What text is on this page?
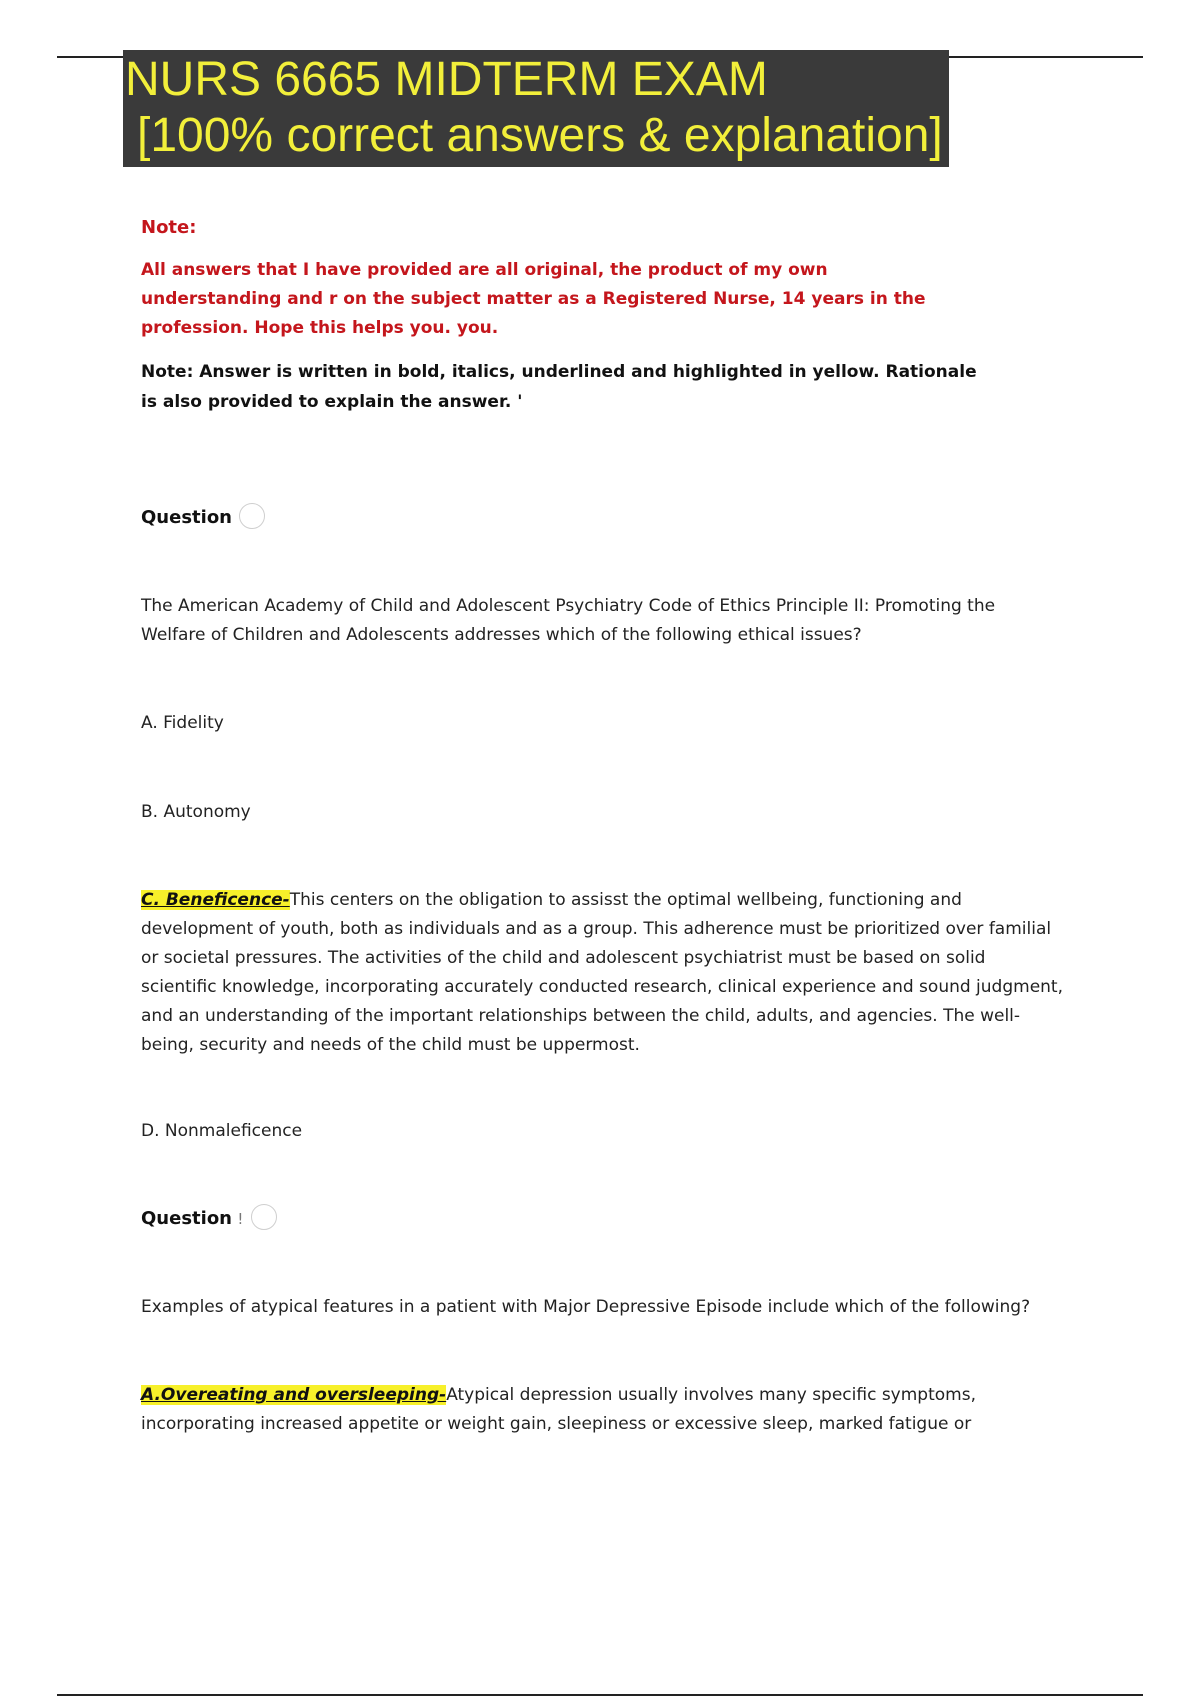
NURS 6665 MIDTERM EXAM
[100% correct answers & explanation]
Note:
All answers that I have provided are all original, the product of my own understanding and r on the subject matter as a Registered Nurse, 14 years in the profession. Hope this helps you. you.
Note: Answer is written in bold, italics, underlined and highlighted in yellow. Rationale is also provided to explain the answer. '
Question
The American Academy of Child and Adolescent Psychiatry Code of Ethics Principle II: Promoting the Welfare of Children and Adolescents addresses which of the following ethical issues?
A. Fidelity
B. Autonomy
C. Beneficence-This centers on the obligation to assisst the optimal wellbeing, functioning and development of youth, both as individuals and as a group. This adherence must be prioritized over familial or societal pressures. The activities of the child and adolescent psychiatrist must be based on solid scientific knowledge, incorporating accurately conducted research, clinical experience and sound judgment, and an understanding of the important relationships between the child, adults, and agencies. The well-being, security and needs of the child must be uppermost.
D. Nonmaleficence
Question !
Examples of atypical features in a patient with Major Depressive Episode include which of the following?
A.Overeating and oversleeping-Atypical depression usually involves many specific symptoms, incorporating increased appetite or weight gain, sleepiness or excessive sleep, marked fatigue or
